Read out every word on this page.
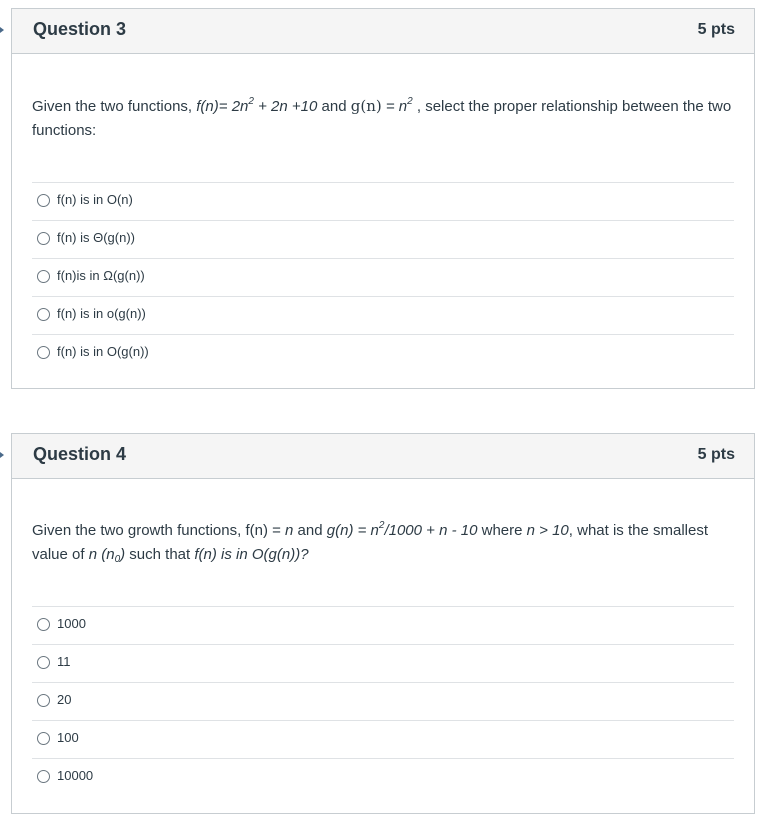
Question 3	5 pts

Given the two functions, $f(n)= 2n^2 + 2n +10$ and $g(n) = n^2$ , select the proper relationship between the two functions:

f(n) is in O(n)
f(n) is Θ(g(n))
f(n)is in Ω(g(n))
f(n) is in o(g(n))
f(n) is in O(g(n))
Question 4	5 pts

Given the two growth functions, f(n) = n and $g(n) = n^2/1000 + n - 10$ where n > 10, what is the smallest value of n $(n_0)$ such that f(n) is in O(g(n))?

1000
11
20
100
10000
